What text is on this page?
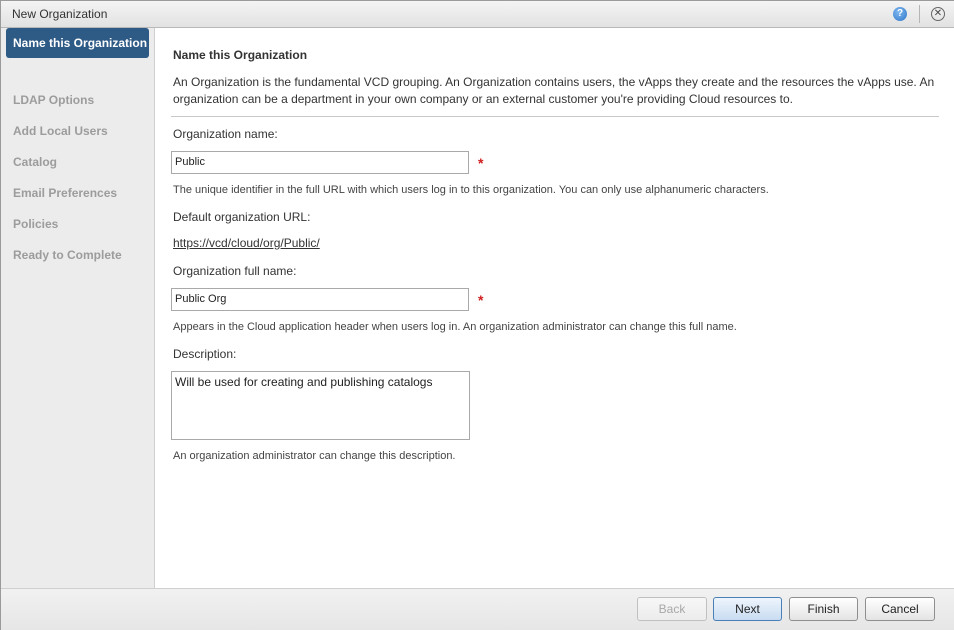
New Organization	?	✕
Name this Organization
LDAP Options
Add Local Users
Catalog
Email Preferences
Policies
Ready to Complete
Name this Organization
An Organization is the fundamental VCD grouping. An Organization contains users, the vApps they create and the resources the vApps use. An organization can be a department in your own company or an external customer you're providing Cloud resources to.
Organization name:
Public	*
The unique identifier in the full URL with which users log in to this organization. You can only use alphanumeric characters.
Default organization URL:
https://vcd/cloud/org/Public/
Organization full name:
Public Org	*
Appears in the Cloud application header when users log in. An organization administrator can change this full name.
Description:
Will be used for creating and publishing catalogs
An organization administrator can change this description.
Back	Next	Finish	Cancel
